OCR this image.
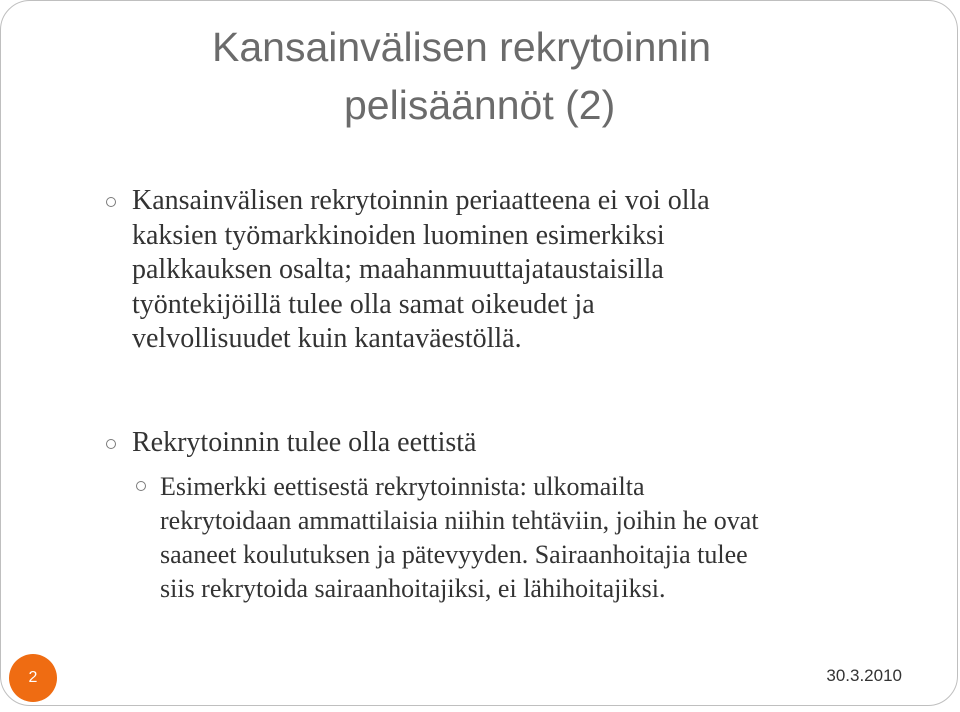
Kansainvälisen rekrytoinnin
pelisäännöt (2)
Kansainvälisen rekrytoinnin periaatteena ei voi olla
kaksien työmarkkinoiden luominen esimerkiksi
palkkauksen osalta; maahanmuuttajataustaisilla
työntekijöillä tulee olla samat oikeudet ja
velvollisuudet kuin kantaväestöllä.
Rekrytoinnin tulee olla eettistä
Esimerkki eettisestä rekrytoinnista: ulkomailta
rekrytoidaan ammattilaisia niihin tehtäviin, joihin he ovat
saaneet koulutuksen ja pätevyyden. Sairaanhoitajia tulee
siis rekrytoida sairaanhoitajiksi, ei lähihoitajiksi.
2	30.3.2010
